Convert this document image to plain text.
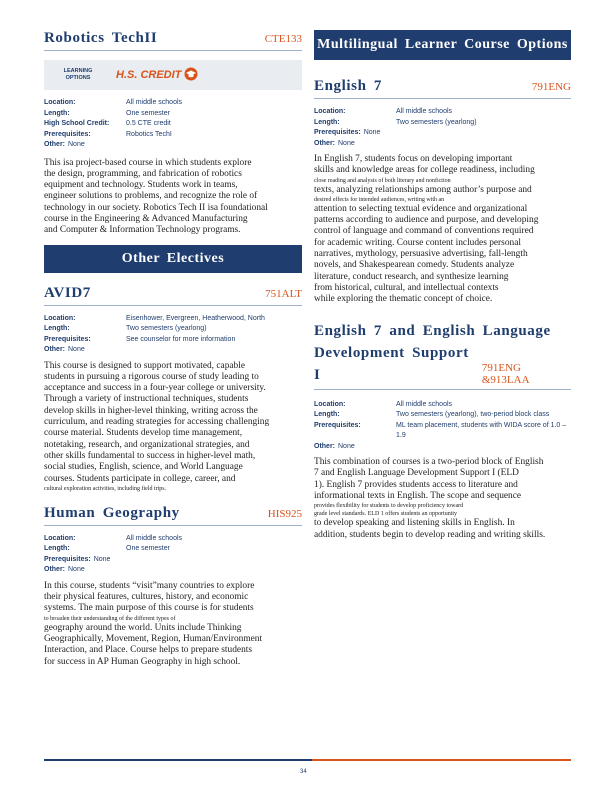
Robotics TechII	CTE133
LEARNING OPTIONS	H.S. CREDIT
Location:	All middle schools
Length:	One semester
High School Credit:	0.5 CTE credit
Prerequisites:	Robotics TechI
Other: None
This isa project-based course in which students explore
the design, programming, and fabrication of robotics
equipment and technology. Students work in teams,
engineer solutions to problems, and recognize the role of
technology in our society. Robotics Tech II isa foundational
course in the Engineering & Advanced Manufacturing
and Computer & Information Technology programs.
Other Electives
AVID7	751ALT
Location:	Eisenhower, Evergreen, Heatherwood, North
Length:	Two semesters (yearlong)
Prerequisites:	See counselor for more information
Other: None
This course is designed to support motivated, capable
students in pursuing a rigorous course of study leading to
acceptance and success in a four-year college or university.
Through a variety of instructional techniques, students
develop skills in higher-level thinking, writing across the
curriculum, and reading strategies for accessing challenging
course material. Students develop time management,
notetaking, research, and organizational strategies, and
other skills fundamental to success in higher-level math,
social studies, English, science, and World Language
courses. Students participate in college, career, and
cultural exploration activities, including field trips.
Human Geography	HIS925
Location:	All middle schools
Length:	One semester
Prerequisites: None
Other: None
In this course, students “visit”many countries to explore
their physical features, cultures, history, and economic
systems. The main purpose of this course is for students
to broaden their understanding of the different types of
geography around the world. Units include Thinking
Geographically, Movement, Region, Human/Environment
Interaction, and Place. Course helps to prepare students
for success in AP Human Geography in high school.
Multilingual Learner Course Options
English 7	791ENG
Location:	All middle schools
Length:	Two semesters (yearlong)
Prerequisites: None
Other: None
In English 7, students focus on developing important
skills and knowledge areas for college readiness, including
close reading and analysis of both literary and nonfiction
texts, analyzing relationships among author’s purpose and
desired effects for intended audiences, writing with an
attention to selecting textual evidence and organizational
patterns according to audience and purpose, and developing
control of language and command of conventions required
for academic writing. Course content includes personal
narratives, mythology, persuasive advertising, fall-length
novels, and Shakespearean comedy. Students analyze
literature, conduct research, and synthesize learning
from historical, cultural, and intellectual contexts
while exploring the thematic concept of choice.
English 7 and English Language
Development Support I	791ENG &913LAA
Location:	All middle schools
Length:	Two semesters (yearlong), two-period block class
Prerequisites:	ML team placement, students with WIDA score of 1.0 – 1.9
Other: None
This combination of courses is a two-period block of English
7 and English Language Development Support I (ELD
1). English 7 provides students access to literature and
informational texts in English. The scope and sequence
provides flexibility for students to develop proficiency toward
grade level standards. ELD 1 offers students an opportunity
to develop speaking and listening skills in English. In
addition, students begin to develop reading and writing skills.
34
